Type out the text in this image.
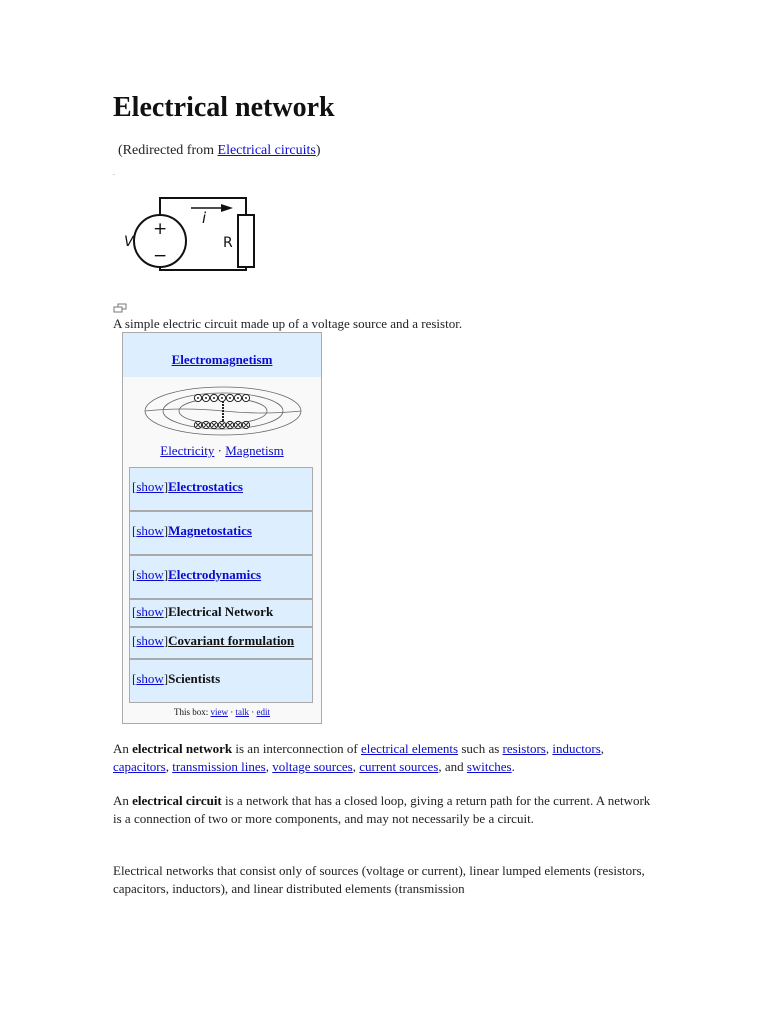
Electrical network
(Redirected from Electrical circuits)
.
V
i
R
+
−
A simple electric circuit made up of a voltage source and a resistor.
Electromagnetism
Electricity · Magnetism
[show]Electrostatics
[show]Magnetostatics
[show]Electrodynamics
[show]Electrical Network
[show]Covariant formulation
[show]Scientists
This box: view · talk · edit

An electrical network is an interconnection of electrical elements such as resistors, inductors, capacitors, transmission lines, voltage sources, current sources, and switches.

An electrical circuit is a network that has a closed loop, giving a return path for the current. A network is a connection of two or more components, and may not necessarily be a circuit.

Electrical networks that consist only of sources (voltage or current), linear lumped elements (resistors, capacitors, inductors), and linear distributed elements (transmission
